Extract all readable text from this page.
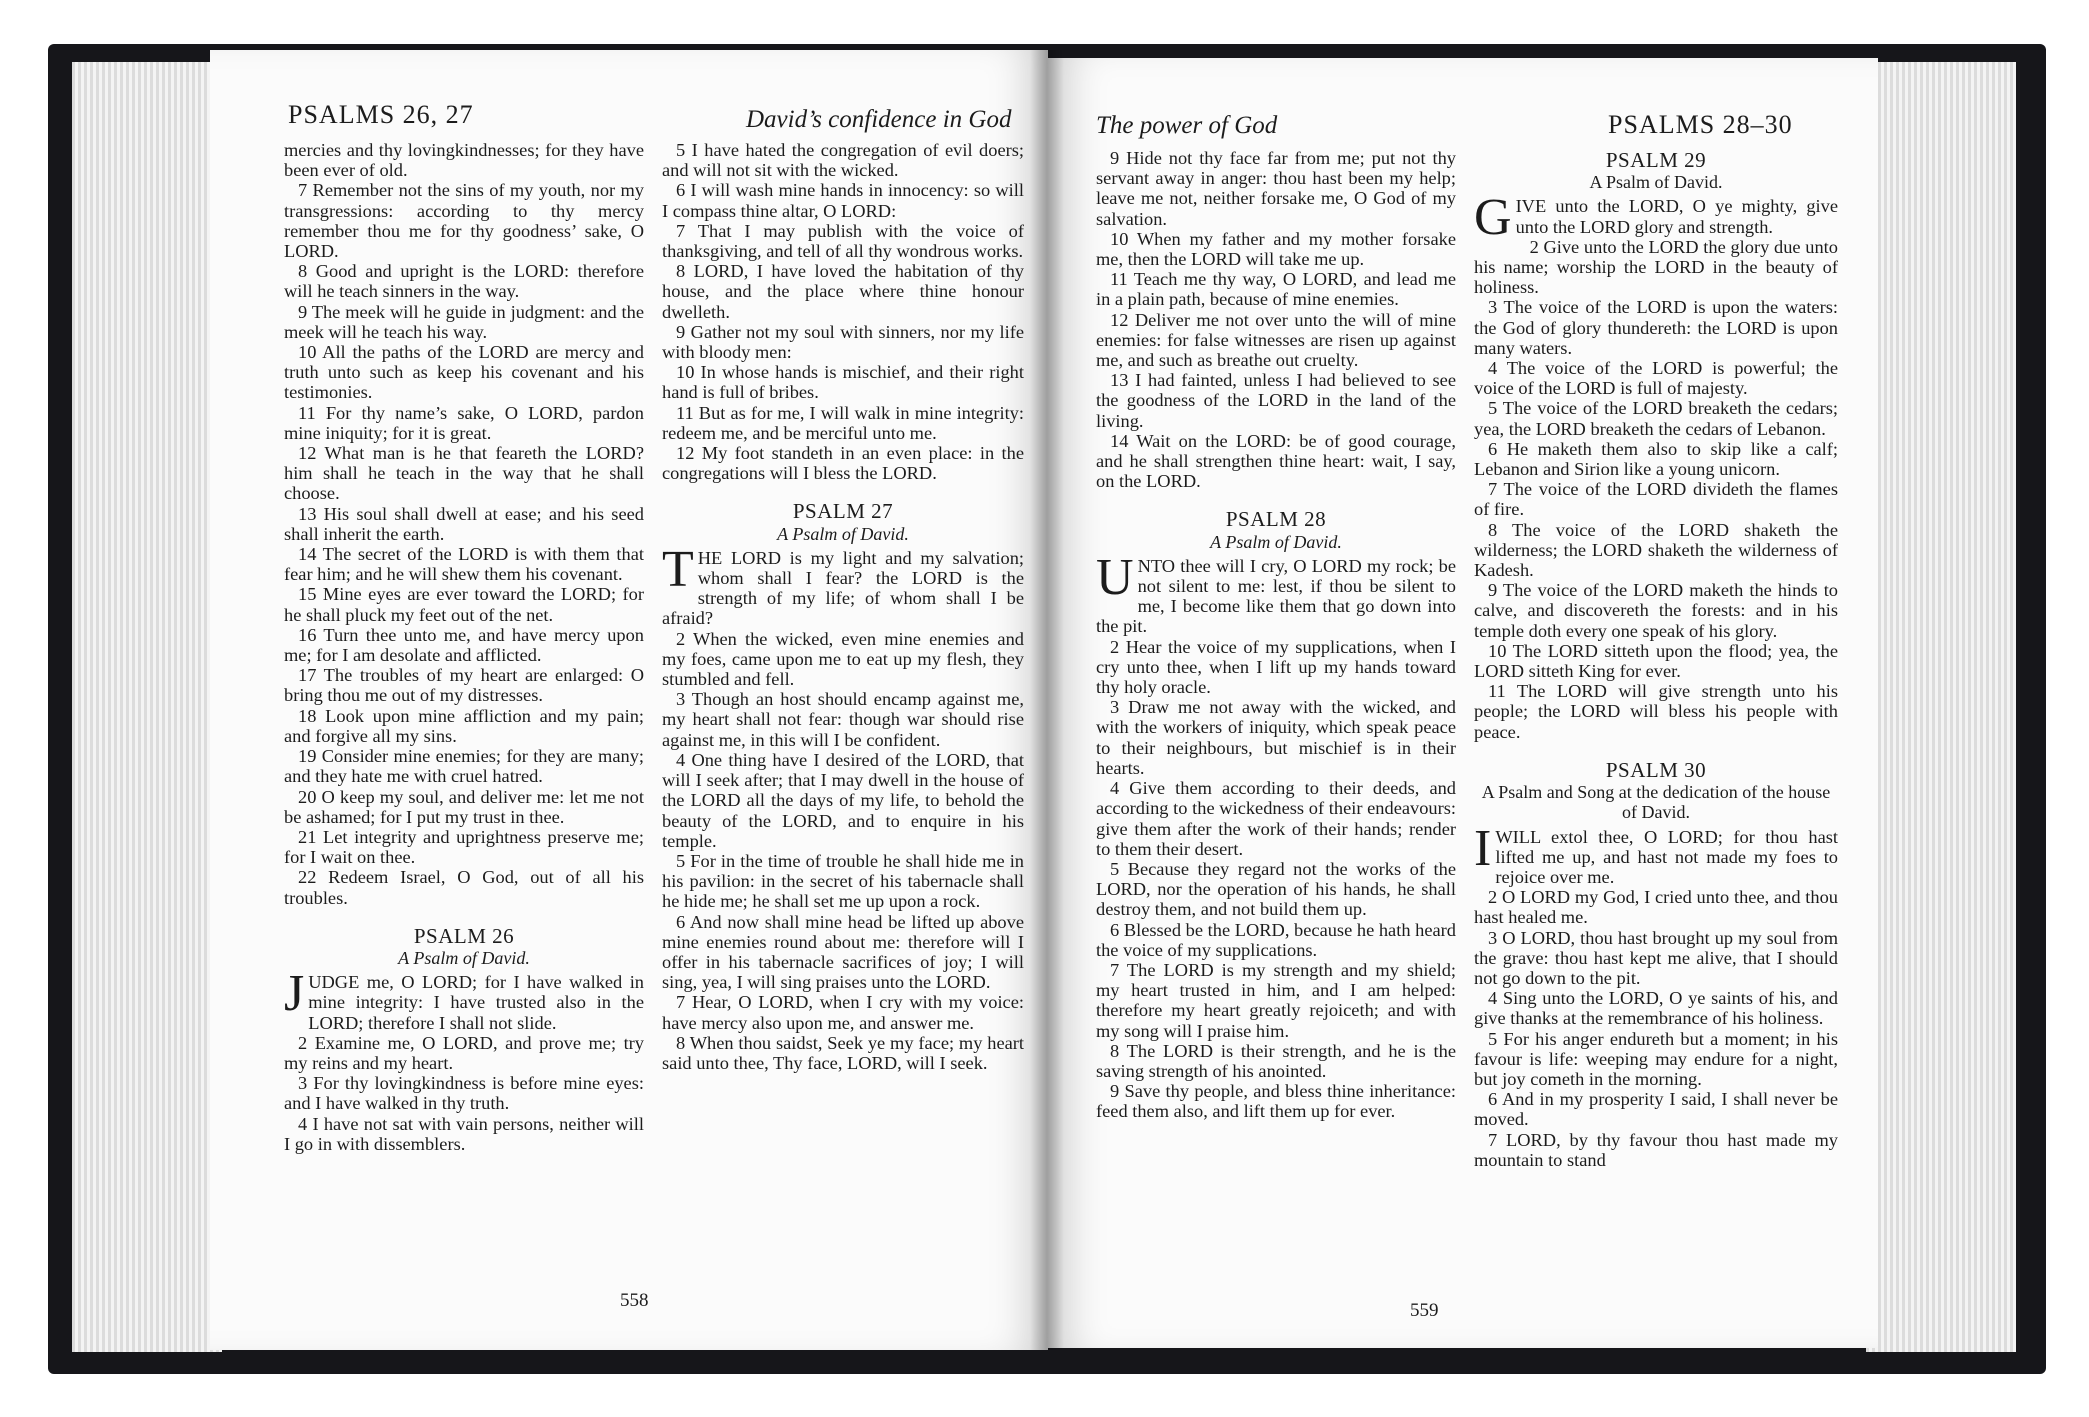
PSALMS 26, 27	David’s confidence in God

mercies and thy lovingkindnesses; for they have been ever of old.

7 Remember not the sins of my youth, nor my transgressions: according to thy mercy remember thou me for thy goodness’ sake, O LORD.

8 Good and upright is the LORD: therefore will he teach sinners in the way.

9 The meek will he guide in judgment: and the meek will he teach his way.

10 All the paths of the LORD are mercy and truth unto such as keep his covenant and his testimonies.

11 For thy name’s sake, O LORD, pardon mine iniquity; for it is great.

12 What man is he that feareth the LORD? him shall he teach in the way that he shall choose.

13 His soul shall dwell at ease; and his seed shall inherit the earth.

14 The secret of the LORD is with them that fear him; and he will shew them his covenant.

15 Mine eyes are ever toward the LORD; for he shall pluck my feet out of the net.

16 Turn thee unto me, and have mercy upon me; for I am desolate and afflicted.

17 The troubles of my heart are enlarged: O bring thou me out of my distresses.

18 Look upon mine affliction and my pain; and forgive all my sins.

19 Consider mine enemies; for they are many; and they hate me with cruel hatred.

20 O keep my soul, and deliver me: let me not be ashamed; for I put my trust in thee.

21 Let integrity and uprightness preserve me; for I wait on thee.

22 Redeem Israel, O God, out of all his troubles.

PSALM 26

A Psalm of David.

JUDGE me, O LORD; for I have walked in mine integrity: I have trusted also in the LORD; therefore I shall not slide.

2 Examine me, O LORD, and prove me; try my reins and my heart.

3 For thy lovingkindness is before mine eyes: and I have walked in thy truth.

4 I have not sat with vain persons, neither will I go in with dissemblers.

5 I have hated the congregation of evil doers; and will not sit with the wicked.

6 I will wash mine hands in innocency: so will I compass thine altar, O LORD:

7 That I may publish with the voice of thanksgiving, and tell of all thy wondrous works.

8 LORD, I have loved the habitation of thy house, and the place where thine honour dwelleth.

9 Gather not my soul with sinners, nor my life with bloody men:

10 In whose hands is mischief, and their right hand is full of bribes.

11 But as for me, I will walk in mine integrity: redeem me, and be merciful unto me.

12 My foot standeth in an even place: in the congregations will I bless the LORD.

PSALM 27

A Psalm of David.

THE LORD is my light and my salvation; whom shall I fear? the LORD is the strength of my life; of whom shall I be afraid?

2 When the wicked, even mine enemies and my foes, came upon me to eat up my flesh, they stumbled and fell.

3 Though an host should encamp against me, my heart shall not fear: though war should rise against me, in this will I be confident.

4 One thing have I desired of the LORD, that will I seek after; that I may dwell in the house of the LORD all the days of my life, to behold the beauty of the LORD, and to enquire in his temple.

5 For in the time of trouble he shall hide me in his pavilion: in the secret of his tabernacle shall he hide me; he shall set me up upon a rock.

6 And now shall mine head be lifted up above mine enemies round about me: therefore will I offer in his tabernacle sacrifices of joy; I will sing, yea, I will sing praises unto the LORD.

7 Hear, O LORD, when I cry with my voice: have mercy also upon me, and answer me.

8 When thou saidst, Seek ye my face; my heart said unto thee, Thy face, LORD, will I seek.

558
The power of God	PSALMS 28–30

9 Hide not thy face far from me; put not thy servant away in anger: thou hast been my help; leave me not, neither forsake me, O God of my salvation.

10 When my father and my mother forsake me, then the LORD will take me up.

11 Teach me thy way, O LORD, and lead me in a plain path, because of mine enemies.

12 Deliver me not over unto the will of mine enemies: for false witnesses are risen up against me, and such as breathe out cruelty.

13 I had fainted, unless I had believed to see the goodness of the LORD in the land of the living.

14 Wait on the LORD: be of good courage, and he shall strengthen thine heart: wait, I say, on the LORD.

PSALM 28

A Psalm of David.

UNTO thee will I cry, O LORD my rock; be not silent to me: lest, if thou be silent to me, I become like them that go down into the pit.

2 Hear the voice of my supplications, when I cry unto thee, when I lift up my hands toward thy holy oracle.

3 Draw me not away with the wicked, and with the workers of iniquity, which speak peace to their neighbours, but mischief is in their hearts.

4 Give them according to their deeds, and according to the wickedness of their endeavours: give them after the work of their hands; render to them their desert.

5 Because they regard not the works of the LORD, nor the operation of his hands, he shall destroy them, and not build them up.

6 Blessed be the LORD, because he hath heard the voice of my supplications.

7 The LORD is my strength and my shield; my heart trusted in him, and I am helped: therefore my heart greatly rejoiceth; and with my song will I praise him.

8 The LORD is their strength, and he is the saving strength of his anointed.

9 Save thy people, and bless thine inheritance: feed them also, and lift them up for ever.

PSALM 29

A Psalm of David.

GIVE unto the LORD, O ye mighty, give unto the LORD glory and strength.

2 Give unto the LORD the glory due unto his name; worship the LORD in the beauty of holiness.

3 The voice of the LORD is upon the waters: the God of glory thundereth: the LORD is upon many waters.

4 The voice of the LORD is powerful; the voice of the LORD is full of majesty.

5 The voice of the LORD breaketh the cedars; yea, the LORD breaketh the cedars of Lebanon.

6 He maketh them also to skip like a calf; Lebanon and Sirion like a young unicorn.

7 The voice of the LORD divideth the flames of fire.

8 The voice of the LORD shaketh the wilderness; the LORD shaketh the wilderness of Kadesh.

9 The voice of the LORD maketh the hinds to calve, and discovereth the forests: and in his temple doth every one speak of his glory.

10 The LORD sitteth upon the flood; yea, the LORD sitteth King for ever.

11 The LORD will give strength unto his people; the LORD will bless his people with peace.

PSALM 30

A Psalm and Song at the dedication of the house of David.

IWILL extol thee, O LORD; for thou hast lifted me up, and hast not made my foes to rejoice over me.

2 O LORD my God, I cried unto thee, and thou hast healed me.

3 O LORD, thou hast brought up my soul from the grave: thou hast kept me alive, that I should not go down to the pit.

4 Sing unto the LORD, O ye saints of his, and give thanks at the remembrance of his holiness.

5 For his anger endureth but a moment; in his favour is life: weeping may endure for a night, but joy cometh in the morning.

6 And in my prosperity I said, I shall never be moved.

7 LORD, by thy favour thou hast made my mountain to stand

559
